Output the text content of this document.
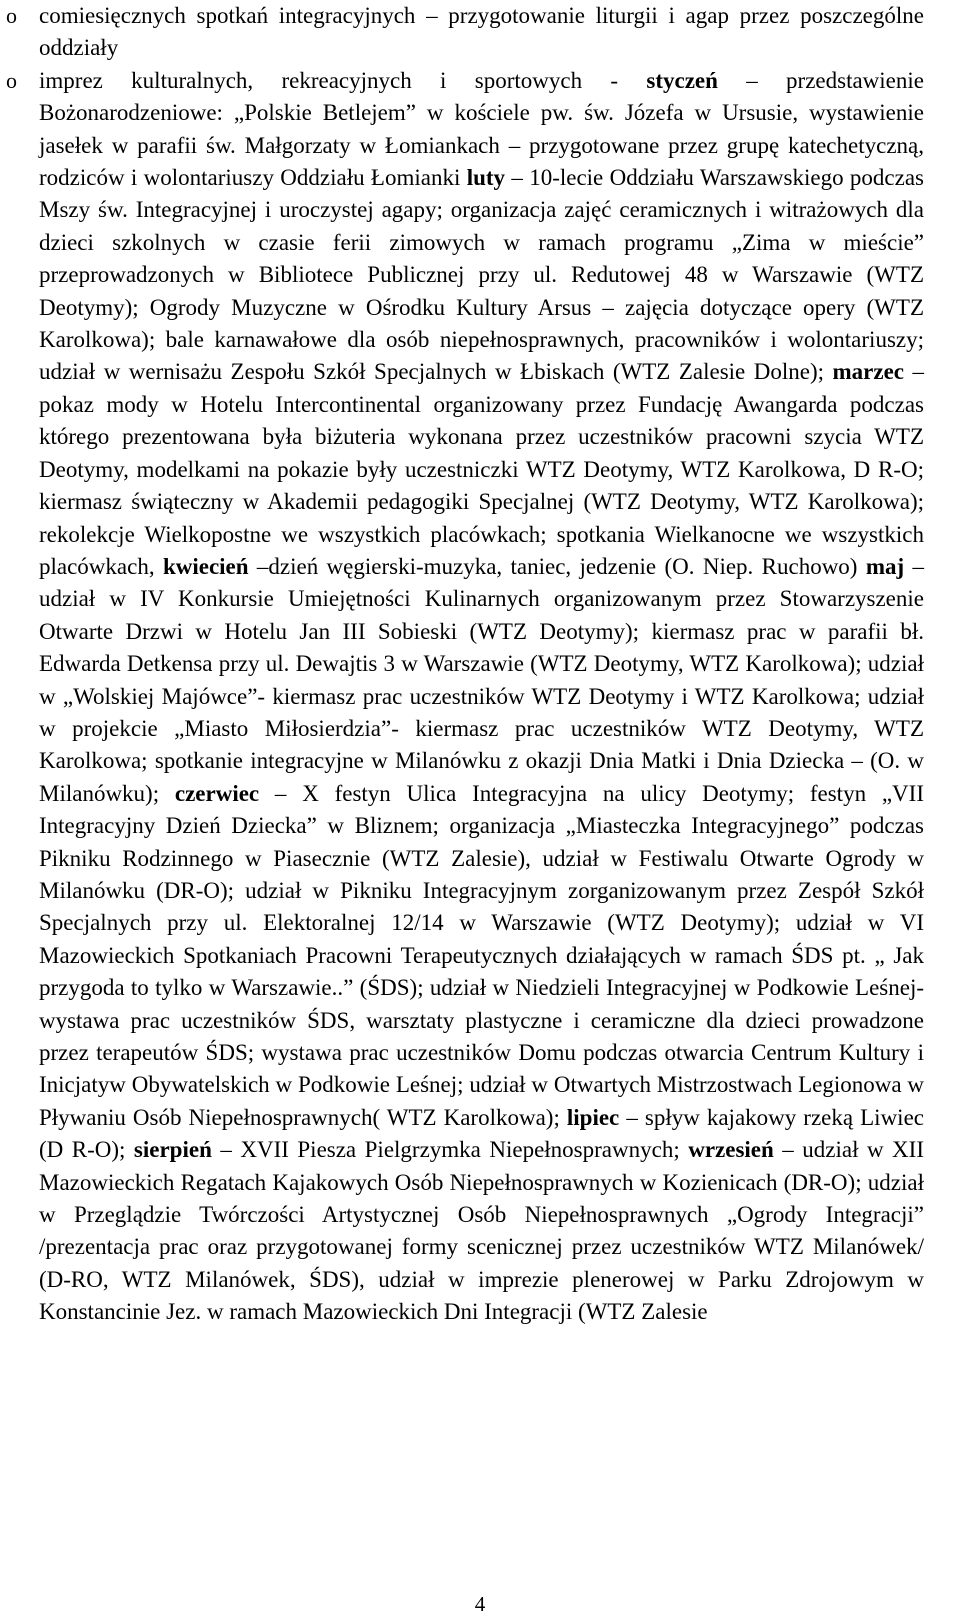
o comiesięcznych spotkań integracyjnych – przygotowanie liturgii i agap przez poszczególne oddziały
o imprez kulturalnych, rekreacyjnych i sportowych - styczeń – przedstawienie Bożonarodzeniowe: „Polskie Betlejem” w kościele pw. św. Józefa w Ursusie, wystawienie jasełek w parafii św. Małgorzaty w Łomiankach – przygotowane przez grupę katechetyczną, rodziców i wolontariuszy Oddziału Łomianki luty – 10-lecie Oddziału Warszawskiego podczas Mszy św. Integracyjnej i uroczystej agapy; organizacja zajęć ceramicznych i witrażowych dla dzieci szkolnych w czasie ferii zimowych w ramach programu „Zima w mieście” przeprowadzonych w Bibliotece Publicznej przy ul. Redutowej 48 w Warszawie (WTZ Deotymy); Ogrody Muzyczne w Ośrodku Kultury Arsus – zajęcia dotyczące opery (WTZ Karolkowa); bale karnawałowe dla osób niepełnosprawnych, pracowników i wolontariuszy; udział w wernisażu Zespołu Szkół Specjalnych w Łbiskach (WTZ Zalesie Dolne); marzec – pokaz mody w Hotelu Intercontinental organizowany przez Fundację Awangarda podczas którego prezentowana była biżuteria wykonana przez uczestników pracowni szycia WTZ Deotymy, modelkami na pokazie były uczestniczki WTZ Deotymy, WTZ Karolkowa, D R-O; kiermasz świąteczny w Akademii pedagogiki Specjalnej (WTZ Deotymy, WTZ Karolkowa); rekolekcje Wielkopostne we wszystkich placówkach; spotkania Wielkanocne we wszystkich placówkach, kwiecień –dzień węgierski-muzyka, taniec, jedzenie (O. Niep. Ruchowo) maj – udział w IV Konkursie Umiejętności Kulinarnych organizowanym przez Stowarzyszenie Otwarte Drzwi w Hotelu Jan III Sobieski (WTZ Deotymy); kiermasz prac w parafii bł. Edwarda Detkensa przy ul. Dewajtis 3 w Warszawie (WTZ Deotymy, WTZ Karolkowa); udział w „Wolskiej Majówce”- kiermasz prac uczestników WTZ Deotymy i WTZ Karolkowa; udział w projekcie „Miasto Miłosierdzia”- kiermasz prac uczestników WTZ Deotymy, WTZ Karolkowa; spotkanie integracyjne w Milanówku z okazji Dnia Matki i Dnia Dziecka – (O. w Milanówku); czerwiec – X festyn Ulica Integracyjna na ulicy Deotymy; festyn „VII Integracyjny Dzień Dziecka” w Bliznem; organizacja „Miasteczka Integracyjnego” podczas Pikniku Rodzinnego w Piasecznie (WTZ Zalesie), udział w Festiwalu Otwarte Ogrody w Milanówku (DR-O); udział w Pikniku Integracyjnym zorganizowanym przez Zespół Szkół Specjalnych przy ul. Elektoralnej 12/14 w Warszawie (WTZ Deotymy); udział w VI Mazowieckich Spotkaniach Pracowni Terapeutycznych działających w ramach ŚDS pt. „ Jak przygoda to tylko w Warszawie..” (ŚDS); udział w Niedzieli Integracyjnej w Podkowie Leśnej-wystawa prac uczestników ŚDS, warsztaty plastyczne i ceramiczne dla dzieci prowadzone przez terapeutów ŚDS; wystawa prac uczestników Domu podczas otwarcia Centrum Kultury i Inicjatyw Obywatelskich w Podkowie Leśnej; udział w Otwartych Mistrzostwach Legionowa w Pływaniu Osób Niepełnosprawnych( WTZ Karolkowa); lipiec – spływ kajakowy rzeką Liwiec (D R-O); sierpień – XVII Piesza Pielgrzymka Niepełnosprawnych; wrzesień – udział w XII Mazowieckich Regatach Kajakowych Osób Niepełnosprawnych w Kozienicach (DR-O); udział w Przeglądzie Twórczości Artystycznej Osób Niepełnosprawnych „Ogrody Integracji” /prezentacja prac oraz przygotowanej formy scenicznej przez uczestników WTZ Milanówek/ (D-RO, WTZ Milanówek, ŚDS), udział w imprezie plenerowej w Parku Zdrojowym w Konstancinie Jez. w ramach Mazowieckich Dni Integracji (WTZ Zalesie
4
